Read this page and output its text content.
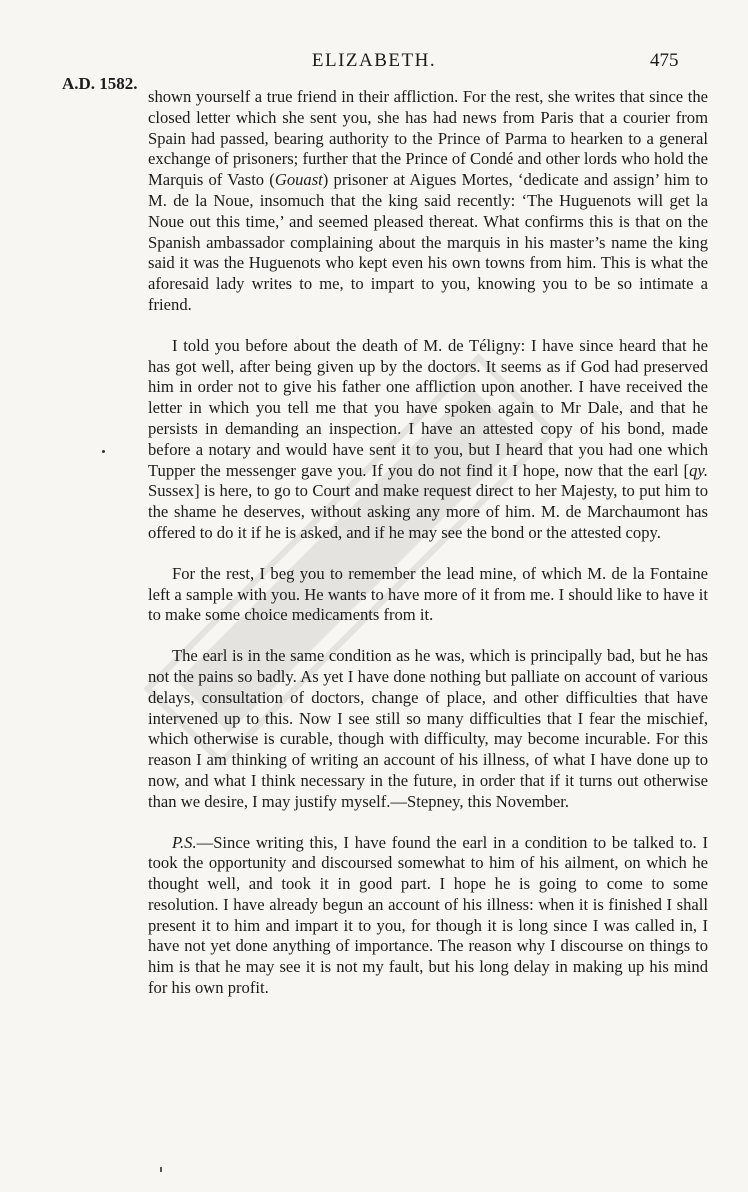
ELIZABETH.	475
A.D. 1582.

shown yourself a true friend in their affliction. For the rest, she writes that since the closed letter which she sent you, she has had news from Paris that a courier from Spain had passed, bearing authority to the Prince of Parma to hearken to a general exchange of prisoners; further that the Prince of Condé and other lords who hold the Marquis of Vasto (Gouast) prisoner at Aigues Mortes, ‘dedicate and assign’ him to M. de la Noue, insomuch that the king said recently: ‘The Huguenots will get la Noue out this time,’ and seemed pleased thereat. What confirms this is that on the Spanish ambassador complaining about the marquis in his master’s name the king said it was the Huguenots who kept even his own towns from him. This is what the aforesaid lady writes to me, to impart to you, knowing you to be so intimate a friend.

I told you before about the death of M. de Téligny: I have since heard that he has got well, after being given up by the doctors. It seems as if God had preserved him in order not to give his father one affliction upon another. I have received the letter in which you tell me that you have spoken again to Mr Dale, and that he persists in demanding an inspection. I have an attested copy of his bond, made before a notary and would have sent it to you, but I heard that you had one which Tupper the messenger gave you. If you do not find it I hope, now that the earl [qy. Sussex] is here, to go to Court and make request direct to her Majesty, to put him to the shame he deserves, without asking any more of him. M. de Marchaumont has offered to do it if he is asked, and if he may see the bond or the attested copy.

For the rest, I beg you to remember the lead mine, of which M. de la Fontaine left a sample with you. He wants to have more of it from me. I should like to have it to make some choice medicaments from it.

The earl is in the same condition as he was, which is principally bad, but he has not the pains so badly. As yet I have done nothing but palliate on account of various delays, consultation of doctors, change of place, and other difficulties that have intervened up to this. Now I see still so many difficulties that I fear the mischief, which otherwise is curable, though with difficulty, may become incurable. For this reason I am thinking of writing an account of his illness, of what I have done up to now, and what I think necessary in the future, in order that if it turns out otherwise than we desire, I may justify myself.—Stepney, this November.

P.S.—Since writing this, I have found the earl in a condition to be talked to. I took the opportunity and discoursed somewhat to him of his ailment, on which he thought well, and took it in good part. I hope he is going to come to some resolution. I have already begun an account of his illness: when it is finished I shall present it to him and impart it to you, for though it is long since I was called in, I have not yet done anything of importance. The reason why I discourse on things to him is that he may see it is not my fault, but his long delay in making up his mind for his own profit.
